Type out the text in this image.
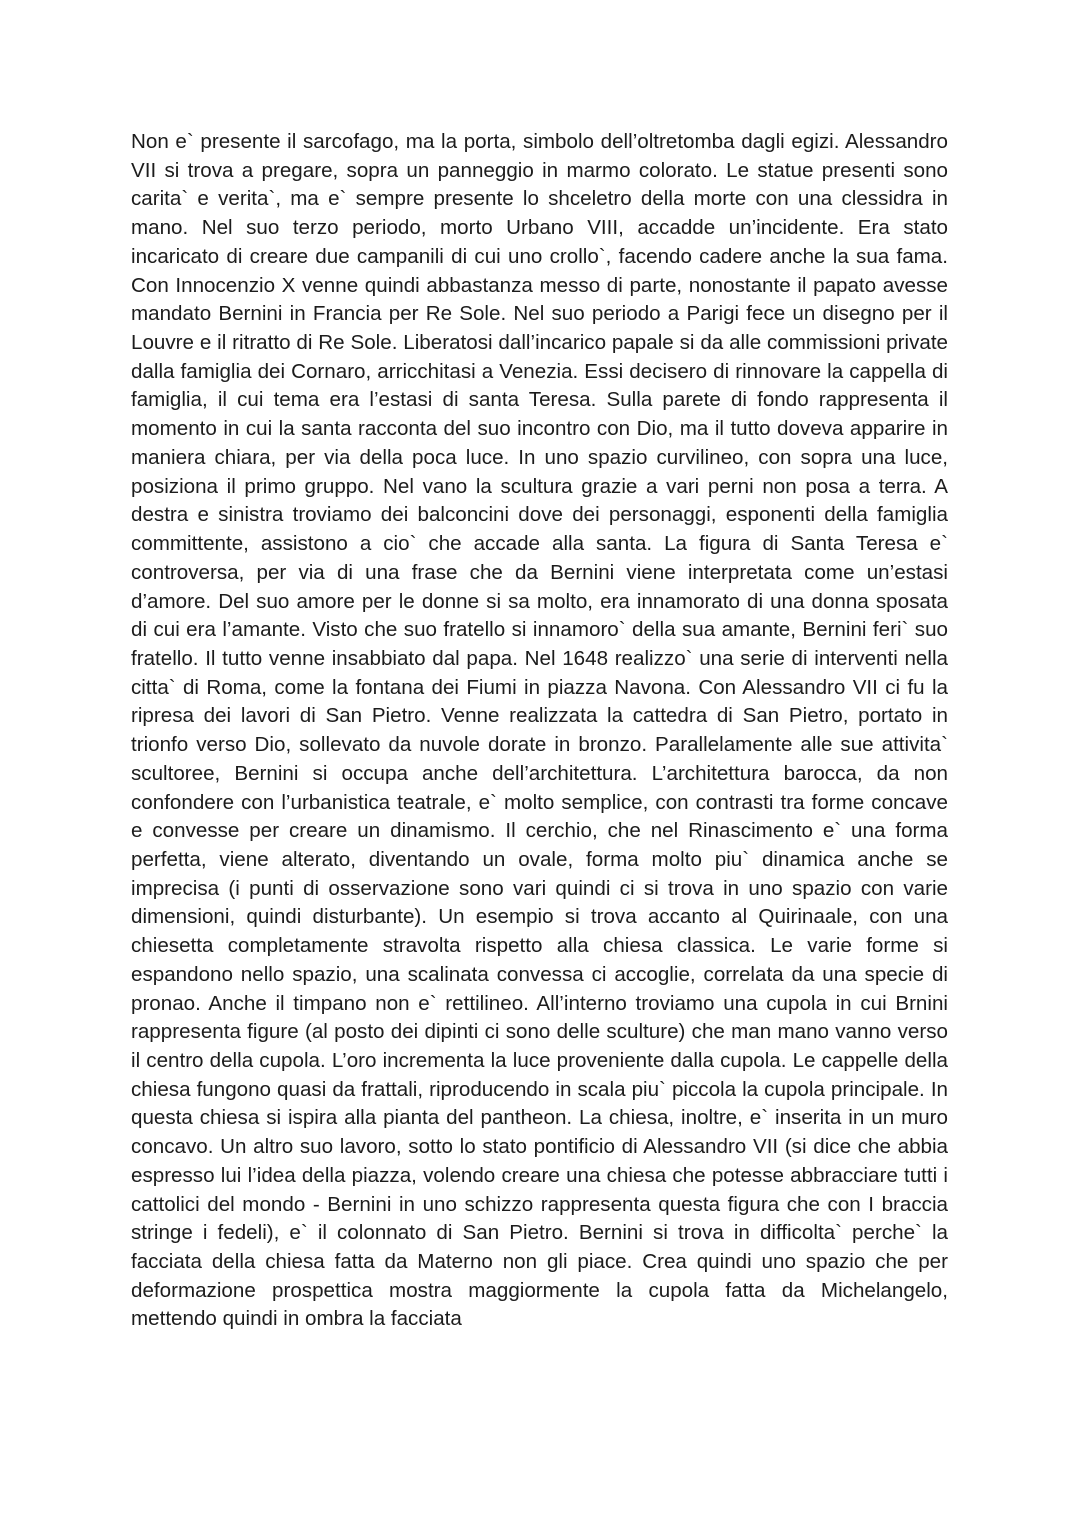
Non e` presente il sarcofago, ma la porta, simbolo dell’oltretomba dagli egizi. Alessandro VII si trova a pregare, sopra un panneggio in marmo colorato. Le statue presenti sono carita` e verita`, ma e` sempre presente lo shceletro della morte con una clessidra in mano. Nel suo terzo periodo, morto Urbano VIII, accadde un’incidente. Era stato incaricato di creare due campanili di cui uno crollo`, facendo cadere anche la sua fama. Con Innocenzio X venne quindi abbastanza messo di parte, nonostante il papato avesse mandato Bernini in Francia per Re Sole. Nel suo periodo a Parigi fece un disegno per il Louvre e il ritratto di Re Sole. Liberatosi dall’incarico papale si da alle commissioni private dalla famiglia dei Cornaro, arricchitasi a Venezia. Essi decisero di rinnovare la cappella di famiglia, il cui tema era l’estasi di santa Teresa. Sulla parete di fondo rappresenta il momento in cui la santa racconta del suo incontro con Dio, ma il tutto doveva apparire in maniera chiara, per via della poca luce. In uno spazio curvilineo, con sopra una luce, posiziona il primo gruppo. Nel vano la scultura grazie a vari perni non posa a terra. A destra e sinistra troviamo dei balconcini dove dei personaggi, esponenti della famiglia committente, assistono a cio` che accade alla santa. La figura di Santa Teresa e` controversa, per via di una frase che da Bernini viene interpretata come un’estasi d’amore. Del suo amore per le donne si sa molto, era innamorato di una donna sposata di cui era l’amante. Visto che suo fratello si innamoro` della sua amante, Bernini feri` suo fratello. Il tutto venne insabbiato dal papa. Nel 1648 realizzo` una serie di interventi nella citta` di Roma, come la fontana dei Fiumi in piazza Navona. Con Alessandro VII ci fu la ripresa dei lavori di San Pietro. Venne realizzata la cattedra di San Pietro, portato in trionfo verso Dio, sollevato da nuvole dorate in bronzo. Parallelamente alle sue attivita` scultoree, Bernini si occupa anche dell’architettura. L’architettura barocca, da non confondere con l’urbanistica teatrale, e` molto semplice, con contrasti tra forme concave e convesse per creare un dinamismo. Il cerchio, che nel Rinascimento e` una forma perfetta, viene alterato, diventando un ovale, forma molto piu` dinamica anche se imprecisa (i punti di osservazione sono vari quindi ci si trova in uno spazio con varie dimensioni, quindi disturbante). Un esempio si trova accanto al Quirinaale, con una chiesetta completamente stravolta rispetto alla chiesa classica. Le varie forme si espandono nello spazio, una scalinata convessa ci accoglie, correlata da una specie di pronao. Anche il timpano non e` rettilineo. All’interno troviamo una cupola in cui Brnini rappresenta figure (al posto dei dipinti ci sono delle sculture) che man mano vanno verso il centro della cupola. L’oro incrementa la luce proveniente dalla cupola. Le cappelle della chiesa fungono quasi da frattali, riproducendo in scala piu` piccola la cupola principale. In questa chiesa si ispira alla pianta del pantheon. La chiesa, inoltre, e` inserita in un muro concavo. Un altro suo lavoro, sotto lo stato pontificio di Alessandro VII (si dice che abbia espresso lui l’idea della piazza, volendo creare una chiesa che potesse abbracciare tutti i cattolici del mondo - Bernini in uno schizzo rappresenta questa figura che con I braccia stringe i fedeli), e` il colonnato di San Pietro. Bernini si trova in difficolta` perche` la facciata della chiesa fatta da Materno non gli piace. Crea quindi uno spazio che per deformazione prospettica mostra maggiormente la cupola fatta da Michelangelo, mettendo quindi in ombra la facciata
